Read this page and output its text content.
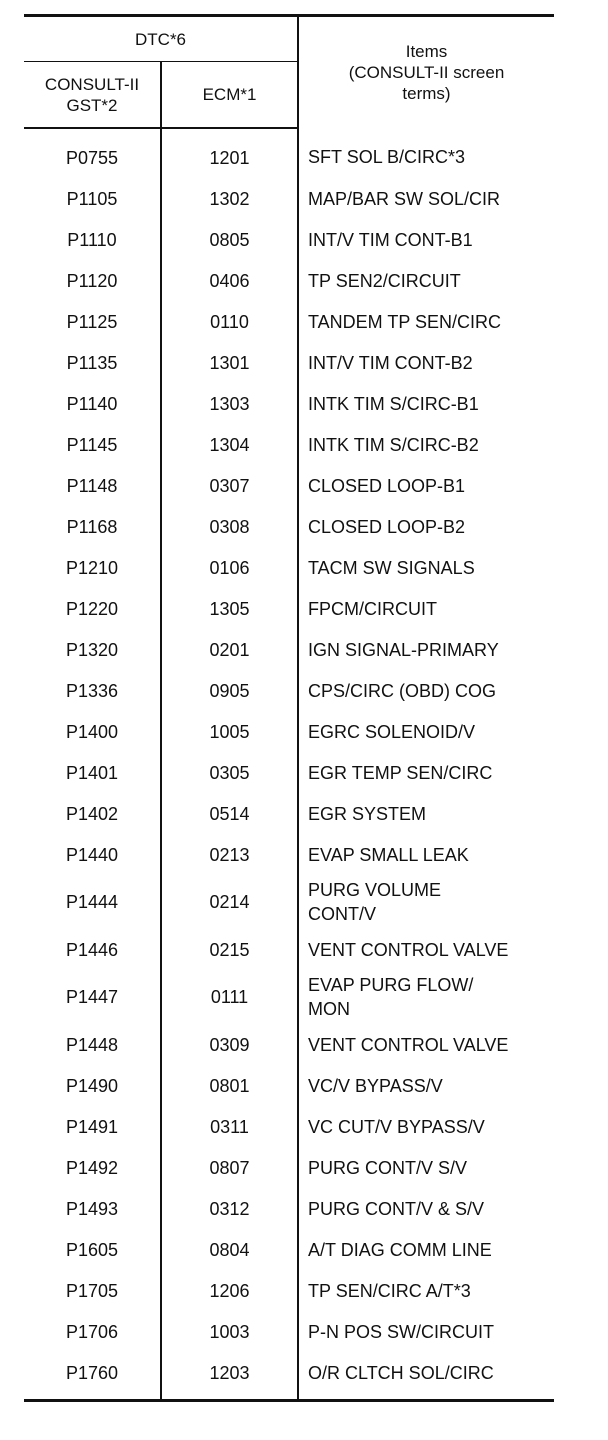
DTC*6		Items
(CONSULT-II screen
terms)

CONSULT-II
GST*2	ECM*1	
P0755	1201	SFT SOL B/CIRC*3

P1105	1302	MAP/BAR SW SOL/CIR

P1110	0805	INT/V TIM CONT-B1

P1120	0406	TP SEN2/CIRCUIT

P1125	0110	TANDEM TP SEN/CIRC

P1135	1301	INT/V TIM CONT-B2

P1140	1303	INTK TIM S/CIRC-B1

P1145	1304	INTK TIM S/CIRC-B2

P1148	0307	CLOSED LOOP-B1

P1168	0308	CLOSED LOOP-B2

P1210	0106	TACM SW SIGNALS

P1220	1305	FPCM/CIRCUIT

P1320	0201	IGN SIGNAL-PRIMARY

P1336	0905	CPS/CIRC (OBD) COG

P1400	1005	EGRC SOLENOID/V

P1401	0305	EGR TEMP SEN/CIRC

P1402	0514	EGR SYSTEM

P1440	0213	EVAP SMALL LEAK

P1444	0214	PURG VOLUME
CONT/V

P1446	0215	VENT CONTROL VALVE

P1447	0111	EVAP PURG FLOW/
MON

P1448	0309	VENT CONTROL VALVE

P1490	0801	VC/V BYPASS/V

P1491	0311	VC CUT/V BYPASS/V

P1492	0807	PURG CONT/V S/V

P1493	0312	PURG CONT/V & S/V

P1605	0804	A/T DIAG COMM LINE

P1705	1206	TP SEN/CIRC A/T*3

P1706	1003	P-N POS SW/CIRCUIT

P1760	1203	O/R CLTCH SOL/CIRC
